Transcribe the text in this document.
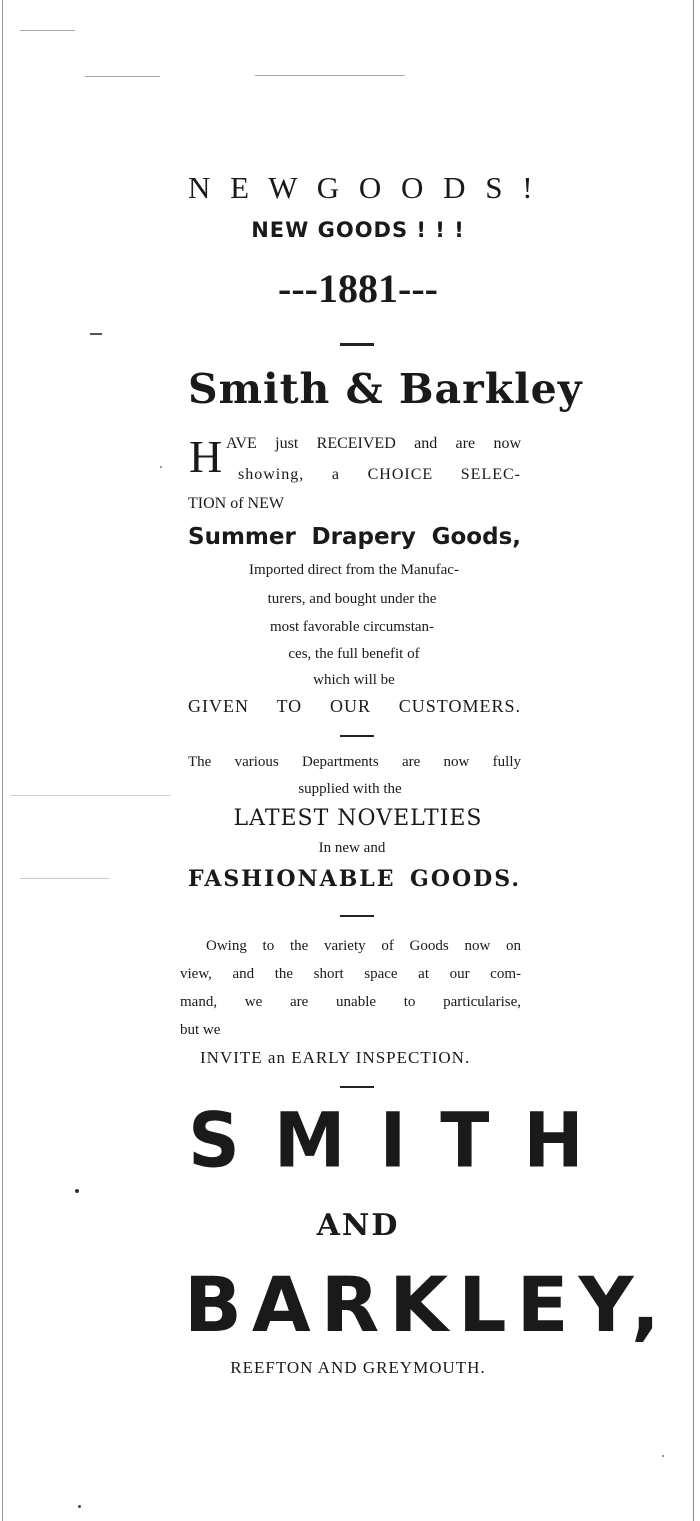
N E W G O O D S !
NEW GOODS ! ! !
---1881---
Smith & Barkley
H AVE just RECEIVED and are now
showing, a CHOICE SELEC-
TION of NEW
Summer Drapery Goods,
Imported direct from the Manufac-
turers, and bought under the
most favorable circumstan-
ces, the full benefit of
which will be
GIVEN TO OUR CUSTOMERS.
The various Departments are now fully
supplied with the
LATEST NOVELTIES
In new and
FASHIONABLE GOODS.
Owing to the variety of Goods now on
view, and the short space at our com-
mand, we are unable to particularise,
but we
INVITE an EARLY INSPECTION.
SMITH
AND
BARKLEY,
REEFTON AND GREYMOUTH.
